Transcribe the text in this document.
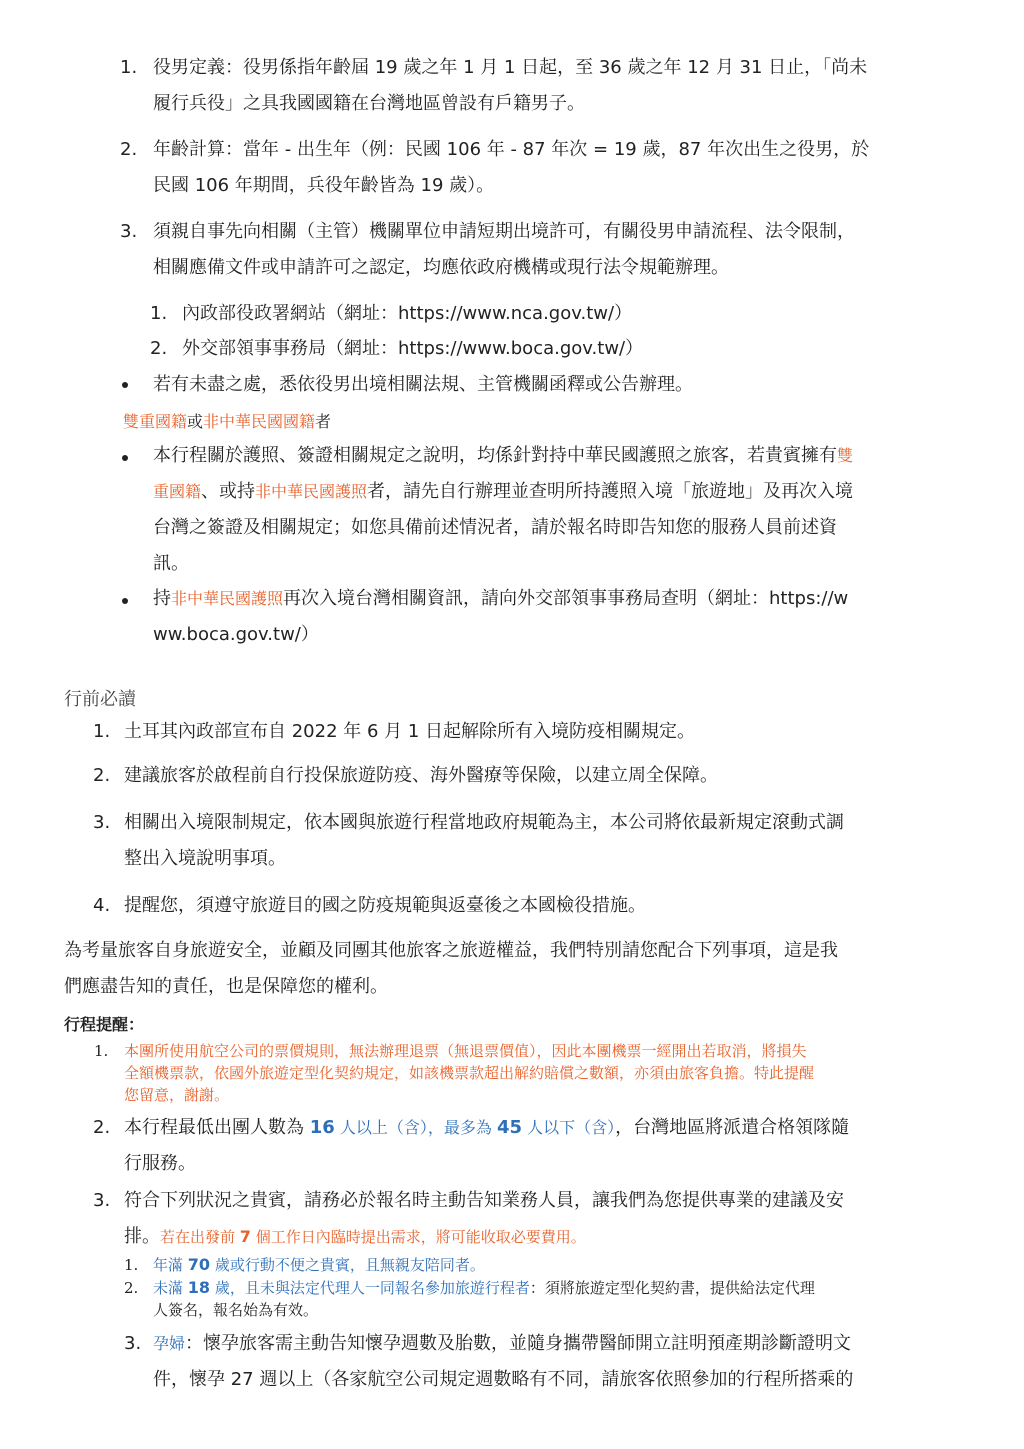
1. 役男定義：役男係指年齡屆 19 歲之年 1 月 1 日起，至 36 歲之年 12 月 31 日止，「尚未
履行兵役」之具我國國籍在台灣地區曾設有戶籍男子。
2. 年齡計算：當年 - 出生年（例：民國 106 年 - 87 年次 = 19 歲，87 年次出生之役男，於
民國 106 年期間，兵役年齡皆為 19 歲）。
3. 須親自事先向相關（主管）機關單位申請短期出境許可，有關役男申請流程、法令限制，
相關應備文件或申請許可之認定，均應依政府機構或現行法令規範辦理。
1. 內政部役政署網站（網址：https://www.nca.gov.tw/）
2. 外交部領事事務局（網址：https://www.boca.gov.tw/）
若有未盡之處，悉依役男出境相關法規、主管機關函釋或公告辦理。
雙重國籍或非中華民國國籍者
本行程關於護照、簽證相關規定之說明，均係針對持中華民國護照之旅客，若貴賓擁有雙
重國籍、或持非中華民國護照者，請先自行辦理並查明所持護照入境「旅遊地」及再次入境
台灣之簽證及相關規定；如您具備前述情況者，請於報名時即告知您的服務人員前述資
訊。
持非中華民國護照再次入境台灣相關資訊，請向外交部領事事務局查明（網址：https://w
ww.boca.gov.tw/）
行前必讀
1. 土耳其內政部宣布自 2022 年 6 月 1 日起解除所有入境防疫相關規定。
2. 建議旅客於啟程前自行投保旅遊防疫、海外醫療等保險，以建立周全保障。
3. 相關出入境限制規定，依本國與旅遊行程當地政府規範為主，本公司將依最新規定滾動式調
整出入境說明事項。
4. 提醒您，須遵守旅遊目的國之防疫規範與返臺後之本國檢役措施。
為考量旅客自身旅遊安全，並顧及同團其他旅客之旅遊權益，我們特別請您配合下列事項，這是我
們應盡告知的責任，也是保障您的權利。
行程提醒：
1. 本團所使用航空公司的票價規則，無法辦理退票（無退票價值），因此本團機票一經開出若取消，將損失
全額機票款，依國外旅遊定型化契約規定，如該機票款超出解約賠償之數額，亦須由旅客負擔。特此提醒
您留意，謝謝。
2. 本行程最低出團人數為 16 人以上（含），最多為 45 人以下（含），台灣地區將派遣合格領隊隨
行服務。
3. 符合下列狀況之貴賓，請務必於報名時主動告知業務人員，讓我們為您提供專業的建議及安
排。若在出發前 7 個工作日內臨時提出需求，將可能收取必要費用。
1. 年滿 70 歲或行動不便之貴賓，且無親友陪同者。
2. 未滿 18 歲，且未與法定代理人一同報名參加旅遊行程者：須將旅遊定型化契約書，提供給法定代理
人簽名，報名始為有效。
3. 孕婦：懷孕旅客需主動告知懷孕週數及胎數，並隨身攜帶醫師開立註明預產期診斷證明文
件，懷孕 27 週以上（各家航空公司規定週數略有不同，請旅客依照參加的行程所搭乘的
